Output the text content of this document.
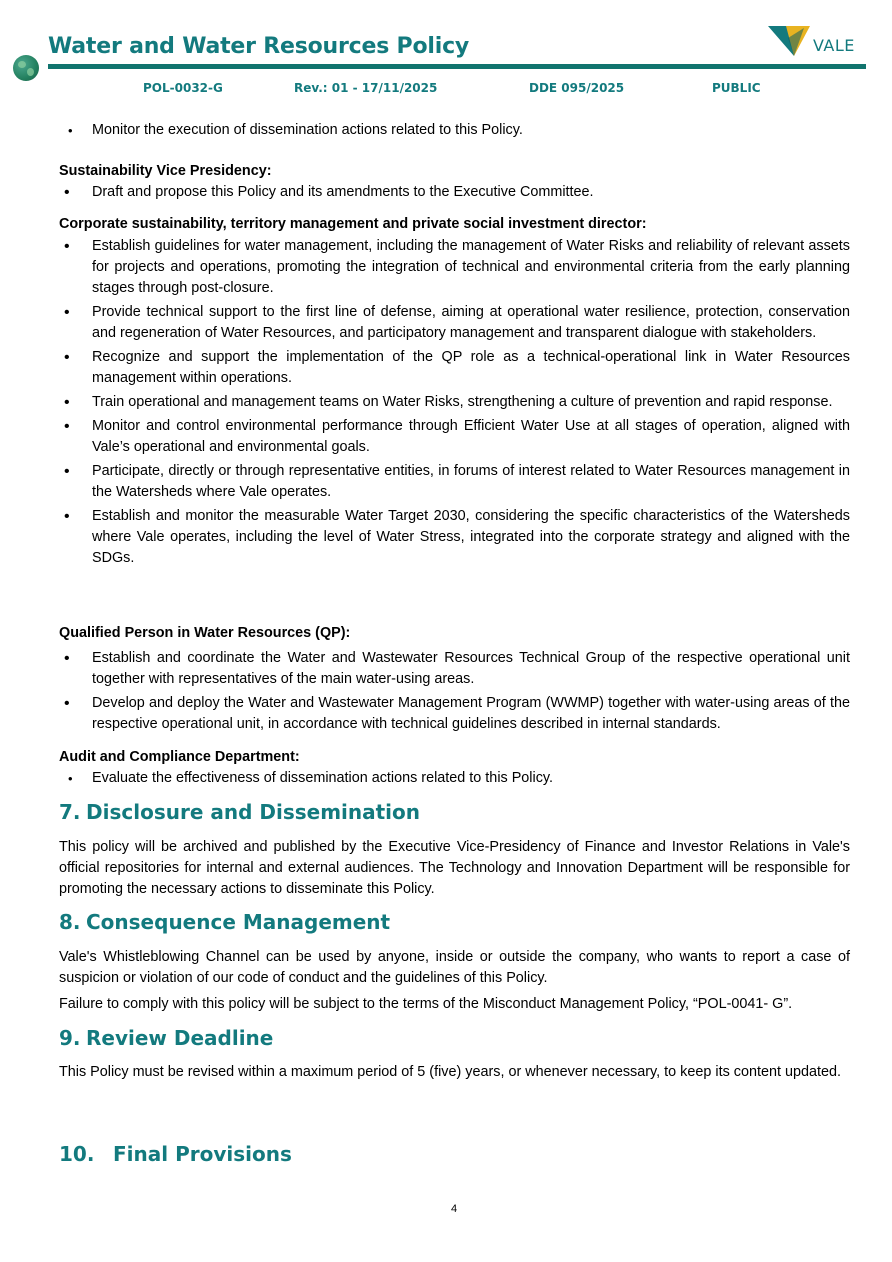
Water and Water Resources Policy	VALE
POL-0032-G	Rev.: 01 - 17/11/2025	DDE 095/2025	PUBLIC
• Monitor the execution of dissemination actions related to this Policy.
Sustainability Vice Presidency:
• Draft and propose this Policy and its amendments to the Executive Committee.
Corporate sustainability, territory management and private social investment director:
• Establish guidelines for water management, including the management of Water Risks and reliability of relevant assets for projects and operations, promoting the integration of technical and environmental criteria from the early planning stages through post-closure.
• Provide technical support to the first line of defense, aiming at operational water resilience, protection, conservation and regeneration of Water Resources, and participatory management and transparent dialogue with stakeholders.
• Recognize and support the implementation of the QP role as a technical-operational link in Water Resources management within operations.
• Train operational and management teams on Water Risks, strengthening a culture of prevention and rapid response.
• Monitor and control environmental performance through Efficient Water Use at all stages of operation, aligned with Vale’s operational and environmental goals.
• Participate, directly or through representative entities, in forums of interest related to Water Resources management in the Watersheds where Vale operates.
• Establish and monitor the measurable Water Target 2030, considering the specific characteristics of the Watersheds where Vale operates, including the level of Water Stress, integrated into the corporate strategy and aligned with the SDGs.
Qualified Person in Water Resources (QP):
• Establish and coordinate the Water and Wastewater Resources Technical Group of the respective operational unit together with representatives of the main water-using areas.
• Develop and deploy the Water and Wastewater Management Program (WWMP) together with water-using areas of the respective operational unit, in accordance with technical guidelines described in internal standards.
Audit and Compliance Department:
• Evaluate the effectiveness of dissemination actions related to this Policy.
7. Disclosure and Dissemination

This policy will be archived and published by the Executive Vice-Presidency of Finance and Investor Relations in Vale's official repositories for internal and external audiences. The Technology and Innovation Department will be responsible for promoting the necessary actions to disseminate this Policy.

8. Consequence Management

Vale's Whistleblowing Channel can be used by anyone, inside or outside the company, who wants to report a case of suspicion or violation of our code of conduct and the guidelines of this Policy.

Failure to comply with this policy will be subject to the terms of the Misconduct Management Policy, “POL-0041- G”.

9. Review Deadline

This Policy must be revised within a maximum period of 5 (five) years, or whenever necessary, to keep its content updated.

10. Final Provisions
4
